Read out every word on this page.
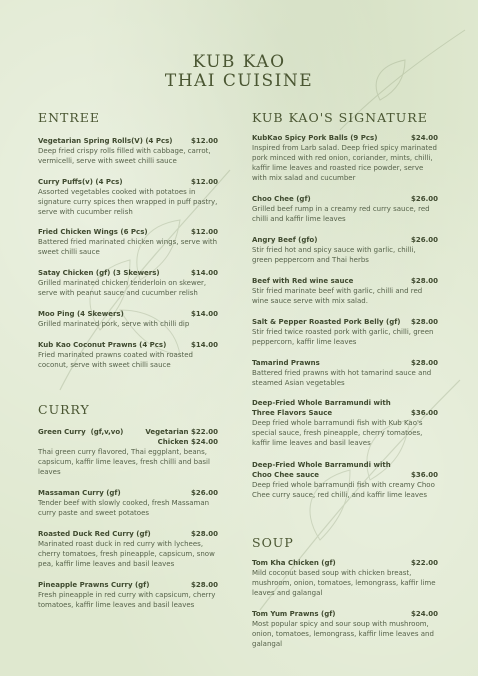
KUB KAO
THAI CUISINE
ENTREE
Vegetarian Spring Rolls(V) (4 Pcs)	$12.00
Deep fried crispy rolls filled with cabbage, carrot, vermicelli, serve with sweet chilli sauce
Curry Puffs(v) (4 Pcs)	$12.00
Assorted vegetables cooked with potatoes in signature curry spices then wrapped in puff pastry, serve with cucumber relish
Fried Chicken Wings (6 Pcs)	$12.00
Battered fried marinated chicken wings, serve with sweet chilli sauce
Satay Chicken (gf) (3 Skewers)	$14.00
Grilled marinated chicken tenderloin on skewer, serve with peanut sauce and cucumber relish
Moo Ping (4 Skewers)	$14.00
Grilled marinated pork, serve with chilli dip
Kub Kao Coconut Prawns (4 Pcs)	$14.00
Fried marinated prawns coated with roasted coconut, serve with sweet chilli sauce
CURRY
Green Curry  (gf,v,vo)	Vegetarian $22.00
Chicken $24.00
Thai green curry flavored, Thai eggplant, beans, capsicum, kaffir lime leaves, fresh chilli and basil leaves
Massaman Curry (gf)	$26.00
Tender beef with slowly cooked, fresh Massaman curry paste and sweet potatoes
Roasted Duck Red Curry (gf)	$28.00
Marinated roast duck in red curry with lychees, cherry tomatoes, fresh pineapple, capsicum, snow pea, kaffir lime leaves and basil leaves
Pineapple Prawns Curry (gf)	$28.00
Fresh pineapple in red curry with capsicum, cherry tomatoes, kaffir lime leaves and basil leaves
KUB KAO'S SIGNATURE
KubKao Spicy Pork Balls (9 Pcs)	$24.00
Inspired from Larb salad. Deep fried spicy marinated pork minced with red onion, coriander, mints, chilli, kaffir lime leaves and roasted rice powder, serve with mix salad and cucumber
Choo Chee (gf)	$26.00
Grilled beef rump in a creamy red curry sauce, red chilli and kaffir lime leaves
Angry Beef (gfo)	$26.00
Stir fried hot and spicy sauce with garlic, chilli, green peppercorn and Thai herbs
Beef with Red wine sauce	$28.00
Stir fried marinate beef with garlic, chilli and red wine sauce serve with mix salad.
Salt & Pepper Roasted Pork Belly (gf) $28.00
Stir fried twice roasted pork with garlic, chilli, green peppercorn, kaffir lime leaves
Tamarind Prawns	$28.00
Battered fried prawns with hot tamarind sauce and steamed Asian vegetables
Deep-Fried Whole Barramundi with
Three Flavors Sauce	$36.00
Deep fried whole barramundi fish with Kub Kao's special sauce, fresh pineapple, cherry tomatoes, kaffir lime leaves and basil leaves
Deep-Fried Whole Barramundi with
Choo Chee sauce	$36.00
Deep fried whole barramundi fish with creamy Choo Chee curry sauce, red chilli, and kaffir lime leaves
SOUP
Tom Kha Chicken (gf)	$22.00
Mild coconut based soup with chicken breast, mushroom, onion, tomatoes, lemongrass, kaffir lime leaves and galangal
Tom Yum Prawns (gf)	$24.00
Most popular spicy and sour soup with mushroom, onion, tomatoes, lemongrass, kaffir lime leaves and galangal
